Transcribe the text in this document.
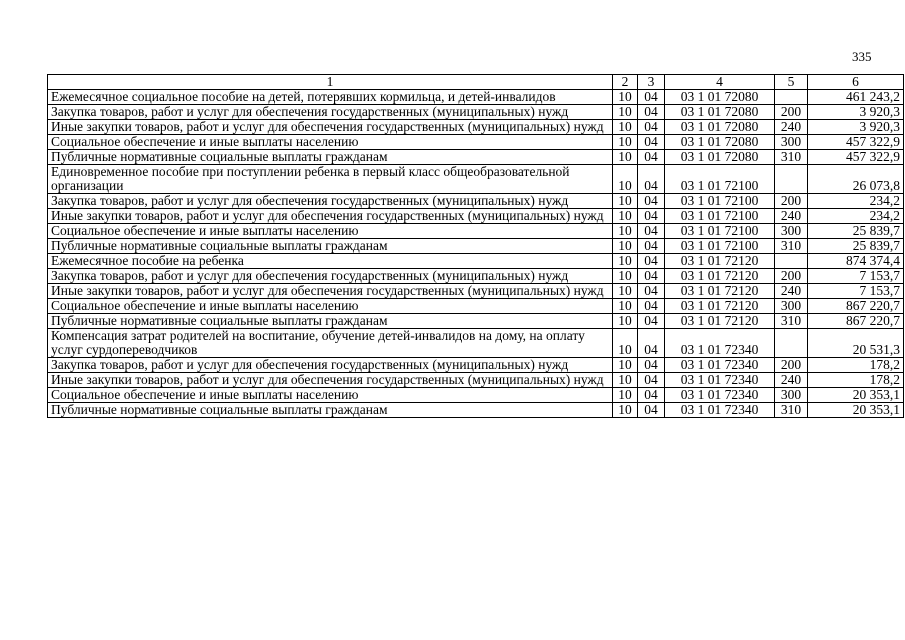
335
1	2	3	4	5	6
Ежемесячное социальное пособие на детей, потерявших кормильца, и детей-инвалидов	10	04	03 1 01 72080		461 243,2
Закупка товаров, работ и услуг для обеспечения государственных (муниципальных) нужд	10	04	03 1 01 72080	200	3 920,3
Иные закупки товаров, работ и услуг для обеспечения государственных (муниципальных) нужд	10	04	03 1 01 72080	240	3 920,3
Социальное обеспечение и иные выплаты населению	10	04	03 1 01 72080	300	457 322,9
Публичные нормативные социальные выплаты гражданам	10	04	03 1 01 72080	310	457 322,9
Единовременное пособие при поступлении ребенка в первый класс общеобразовательной организации	10	04	03 1 01 72100		26 073,8
Закупка товаров, работ и услуг для обеспечения государственных (муниципальных) нужд	10	04	03 1 01 72100	200	234,2
Иные закупки товаров, работ и услуг для обеспечения государственных (муниципальных) нужд	10	04	03 1 01 72100	240	234,2
Социальное обеспечение и иные выплаты населению	10	04	03 1 01 72100	300	25 839,7
Публичные нормативные социальные выплаты гражданам	10	04	03 1 01 72100	310	25 839,7
Ежемесячное пособие на ребенка	10	04	03 1 01 72120		874 374,4
Закупка товаров, работ и услуг для обеспечения государственных (муниципальных) нужд	10	04	03 1 01 72120	200	7 153,7
Иные закупки товаров, работ и услуг для обеспечения государственных (муниципальных) нужд	10	04	03 1 01 72120	240	7 153,7
Социальное обеспечение и иные выплаты населению	10	04	03 1 01 72120	300	867 220,7
Публичные нормативные социальные выплаты гражданам	10	04	03 1 01 72120	310	867 220,7
Компенсация затрат родителей на воспитание, обучение детей-инвалидов на дому, на оплату услуг сурдопереводчиков	10	04	03 1 01 72340		20 531,3
Закупка товаров, работ и услуг для обеспечения государственных (муниципальных) нужд	10	04	03 1 01 72340	200	178,2
Иные закупки товаров, работ и услуг для обеспечения государственных (муниципальных) нужд	10	04	03 1 01 72340	240	178,2
Социальное обеспечение и иные выплаты населению	10	04	03 1 01 72340	300	20 353,1
Публичные нормативные социальные выплаты гражданам	10	04	03 1 01 72340	310	20 353,1
